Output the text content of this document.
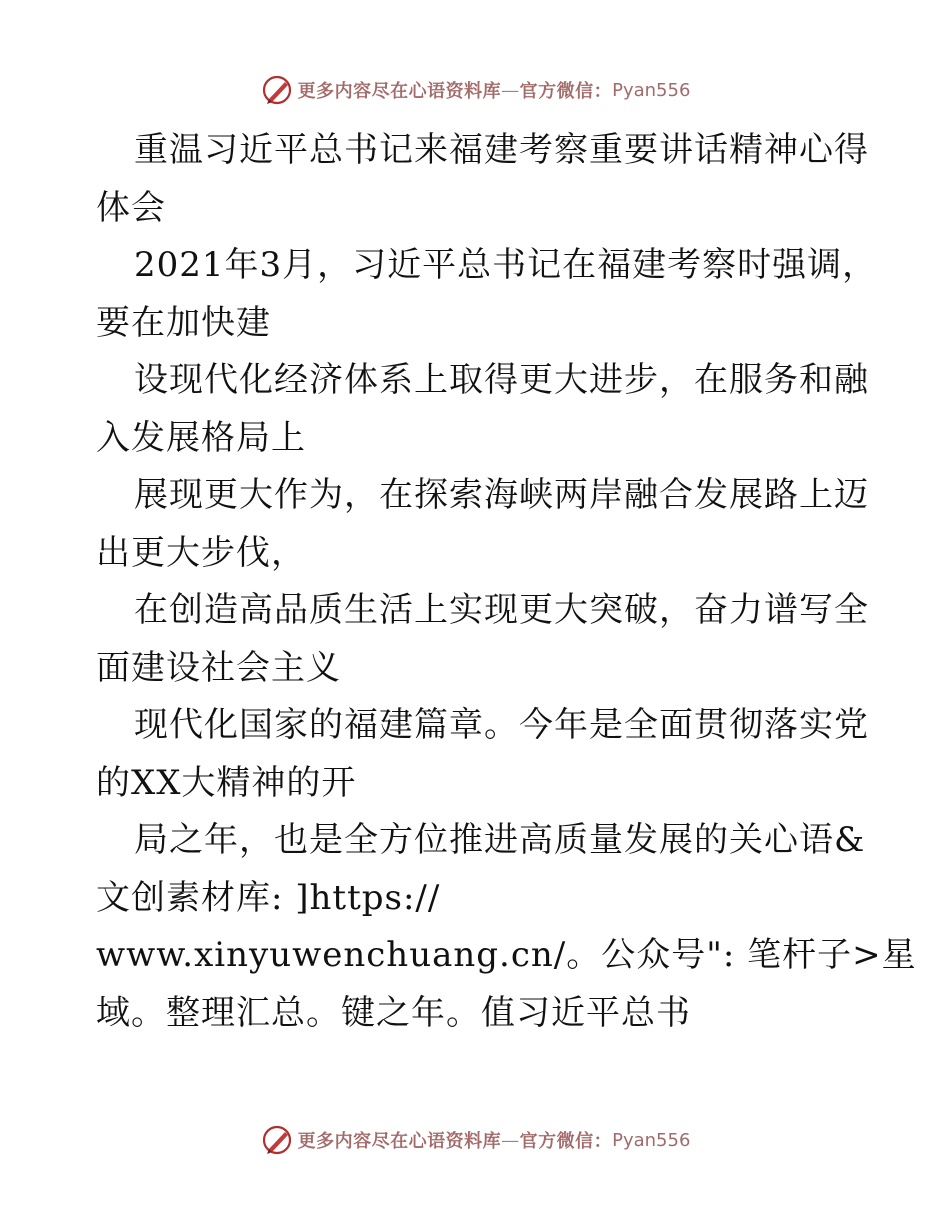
更多内容尽在心语资料库 — 官方微信： Pyan556
重温习近平总书记来福建考察重要讲话精神心得
体会
2021年3月，习近平总书记在福建考察时强调，
要在加快建
设现代化经济体系上取得更大进步，在服务和融
入发展格局上
展现更大作为，在探索海峡两岸融合发展路上迈
出更大步伐，
在创造高品质生活上实现更大突破，奋力谱写全
面建设社会主义
现代化国家的福建篇章。今年是全面贯彻落实党
的XX大精神的开
局之年，也是全方位推进高质量发展的关心语&
文创素材库: ]https://
www.xinyuwenchuang.cn/。公众号": 笔杆子>星
域。整理汇总。键之年。值习近平总书
更多内容尽在心语资料库 — 官方微信： Pyan556
